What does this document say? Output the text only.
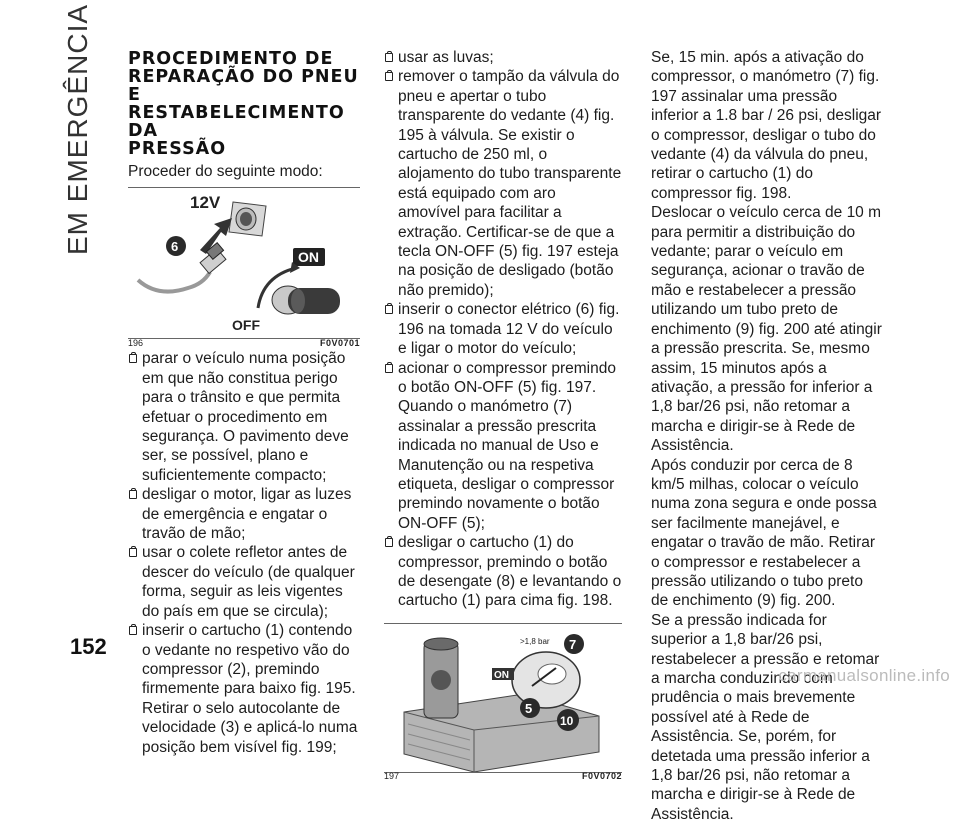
EM EMERGÊNCIA PROCEDIMENTO DE
REPARAÇÃO DO PNEU E
RESTABELECIMENTO DA
PRESSÃO

Proceder do seguinte modo:

12V
6
ON
OFF
196	F0V0701

parar o veículo numa posição em que não constitua perigo para o trânsito e que permita efetuar o procedimento em segurança. O pavimento deve ser, se possível, plano e suficientemente compacto;

desligar o motor, ligar as luzes de emergência e engatar o travão de mão;

usar o colete refletor antes de descer do veículo (de qualquer forma, seguir as leis vigentes do país em que se circula);

inserir o cartucho (1) contendo o vedante no respetivo vão do compressor (2), premindo firmemente para baixo fig. 195. Retirar o selo autocolante de velocidade (3) e aplicá-lo numa posição bem visível fig. 199;

usar as luvas;

remover o tampão da válvula do pneu e apertar o tubo transparente do vedante (4) fig. 195 à válvula. Se existir o cartucho de 250 ml, o alojamento do tubo transparente está equipado com aro amovível para facilitar a extração. Certificar-se de que a tecla ON-OFF (5) fig. 197 esteja na posição de desligado (botão não premido);

inserir o conector elétrico (6) fig. 196 na tomada 12 V do veículo e ligar o motor do veículo;

acionar o compressor premindo o botão ON-OFF (5) fig. 197. Quando o manómetro (7) assinalar a pressão prescrita indicada no manual de Uso e Manutenção ou na respetiva etiqueta, desligar o compressor premindo novamente o botão ON-OFF (5);

desligar o cartucho (1) do compressor, premindo o botão de desengate (8) e levantando o cartucho (1) para cima fig. 198.

>1,8 bar
ON
7
5
10
197	F0V0702

Se, 15 min. após a ativação do compressor, o manómetro (7) fig. 197 assinalar uma pressão inferior a 1.8 bar / 26 psi, desligar o compressor, desligar o tubo do vedante (4) da válvula do pneu, retirar o cartucho (1) do compressor fig. 198.

Deslocar o veículo cerca de 10 m para permitir a distribuição do vedante; parar o veículo em segurança, acionar o travão de mão e restabelecer a pressão utilizando um tubo preto de enchimento (9) fig. 200 até atingir a pressão prescrita. Se, mesmo assim, 15 minutos após a ativação, a pressão for inferior a 1,8 bar/26 psi, não retomar a marcha e dirigir-se à Rede de Assistência.

Após conduzir por cerca de 8 km/5 milhas, colocar o veículo numa zona segura e onde possa ser facilmente manejável, e engatar o travão de mão. Retirar o compressor e restabelecer a pressão utilizando o tubo preto de enchimento (9) fig. 200.

Se a pressão indicada for superior a 1,8 bar/26 psi, restabelecer a pressão e retomar a marcha conduzindo com prudência o mais brevemente possível até à Rede de Assistência. Se, porém, for detetada uma pressão inferior a 1,8 bar/26 psi, não retomar a marcha e dirigir-se à Rede de Assistência.

152
carmanualsonline.info
